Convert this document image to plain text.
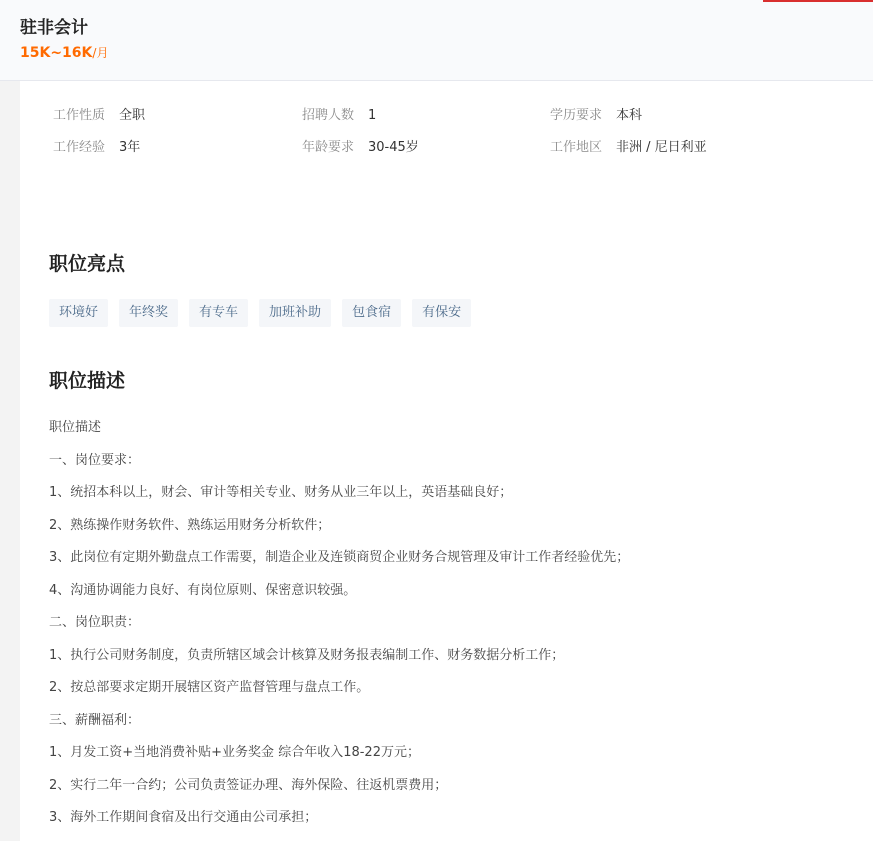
驻非会计
15K~16K/月
工作性质 全职	招聘人数 1	学历要求 本科
工作经验 3年	年龄要求 30-45岁	工作地区 非洲 / 尼日利亚
职位亮点
环境好	年终奖	有专车	加班补助	包食宿	有保安
职位描述
职位描述
一、岗位要求：
1、统招本科以上，财会、审计等相关专业、财务从业三年以上，英语基础良好；
2、熟练操作财务软件、熟练运用财务分析软件；
3、此岗位有定期外勤盘点工作需要，制造企业及连锁商贸企业财务合规管理及审计工作者经验优先；
4、沟通协调能力良好、有岗位原则、保密意识较强。
二、岗位职责：
1、执行公司财务制度，负责所辖区域会计核算及财务报表编制工作、财务数据分析工作；
2、按总部要求定期开展辖区资产监督管理与盘点工作。
三、薪酬福利：
1、月发工资+当地消费补贴+业务奖金 综合年收入18-22万元；
2、实行二年一合约；公司负责签证办理、海外保险、往返机票费用；
3、海外工作期间食宿及出行交通由公司承担；
